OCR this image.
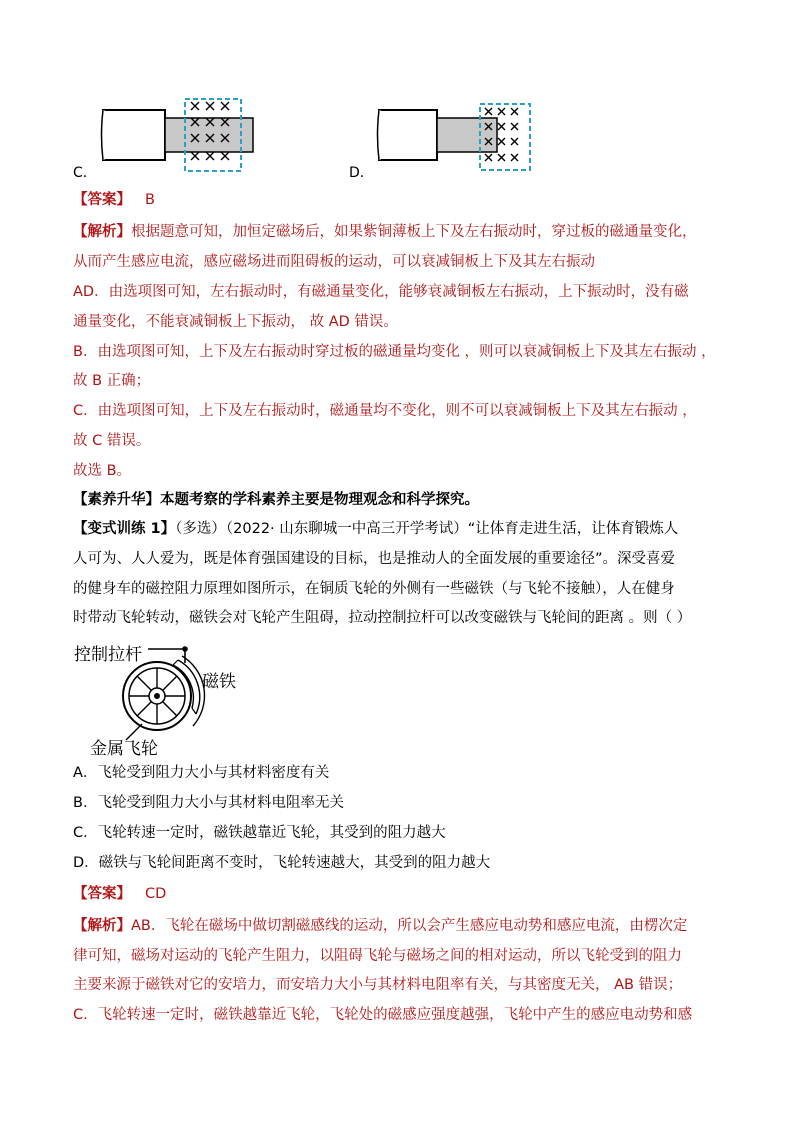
C．	D．
【答案】 B
【解析】根据题意可知，加恒定磁场后，如果紫铜薄板上下及左右振动时，穿过板的磁通量变化，
从而产生感应电流，感应磁场进而阻碍板的运动，可以衰减铜板上下及其左右振动
AD．由选项图可知，左右振动时，有磁通量变化，能够衰减铜板左右振动，上下振动时，没有磁
通量变化，不能衰减铜板上下振动， 故 AD 错误。
B．由选项图可知，上下及左右振动时穿过板的磁通量均变化 ，则可以衰减铜板上下及其左右振动 ，
故 B 正确；
C．由选项图可知，上下及左右振动时，磁通量均不变化，则不可以衰减铜板上下及其左右振动 ，
故 C 错误。
故选 B。
【素养升华】本题考察的学科素养主要是物理观念和科学探究。
【变式训练 1】（多选）（2022· 山东聊城一中高三开学考试）“让体育走进生活，让体育锻炼人
人可为、人人爱为，既是体育强国建设的目标，也是推动人的全面发展的重要途径”。深受喜爱
的健身车的磁控阻力原理如图所示，在铜质飞轮的外侧有一些磁铁（与飞轮不接触），人在健身
时带动飞轮转动，磁铁会对飞轮产生阻碍，拉动控制拉杆可以改变磁铁与飞轮间的距离 。则（ ）
控制拉杆
磁铁
金属飞轮
A．飞轮受到阻力大小与其材料密度有关
B．飞轮受到阻力大小与其材料电阻率无关
C．飞轮转速一定时，磁铁越靠近飞轮，其受到的阻力越大
D．磁铁与飞轮间距离不变时，飞轮转速越大，其受到的阻力越大
【答案】 CD
【解析】AB．飞轮在磁场中做切割磁感线的运动，所以会产生感应电动势和感应电流，由楞次定
律可知，磁场对运动的飞轮产生阻力，以阻碍飞轮与磁场之间的相对运动，所以飞轮受到的阻力
主要来源于磁铁对它的安培力，而安培力大小与其材料电阻率有关，与其密度无关， AB 错误；
C．飞轮转速一定时，磁铁越靠近飞轮，飞轮处的磁感应强度越强，飞轮中产生的感应电动势和感
